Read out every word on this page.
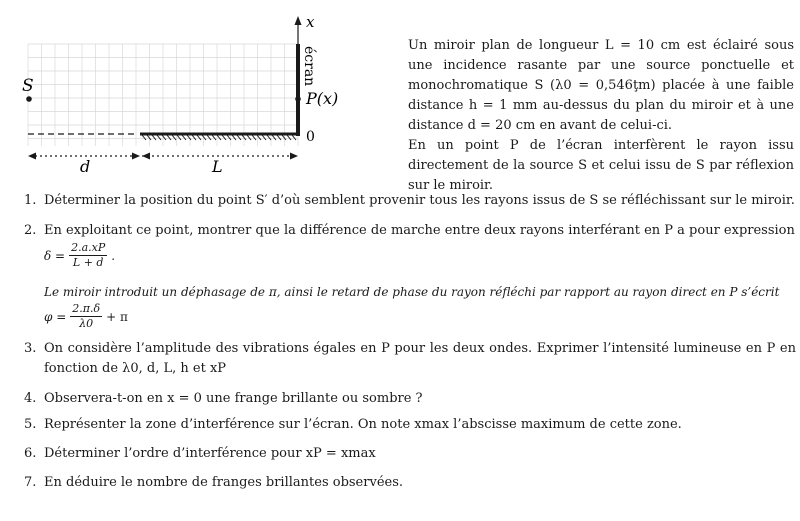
S
x
écran
P(x)
0
d	L

Un miroir plan de longueur L = 10 cm est éclairé sous une incidence rasante par une source ponctuelle et monochromatique S (λ0 = 0,546ţm) placée à une faible distance h = 1 mm au-dessus du plan du miroir et à une distance d = 20 cm en avant de celui-ci.

En un point P de l’écran interfèrent le rayon issu directement de la source S et celui issu de S par réflexion sur le miroir.

1. Déterminer la position du point S′ d’où semblent provenir tous les rayons issus de S se réfléchissant sur le miroir.

2. En exploitant ce point, montrer que la différence de marche entre deux rayons interférant en P a pour expression

$\delta = \frac{2.a.xP}{L + d}$ .

Le miroir introduit un déphasage de π, ainsi le retard de phase du rayon réfléchi par rapport au rayon direct en P s’écrit

$\varphi = \frac{2.\pi.\delta}{\lambda 0} + \pi$
3. On considère l’amplitude des vibrations égales en P pour les deux ondes. Exprimer l’intensité lumineuse en P en fonction de λ0, d, L, h et xP

4. Observera-t-on en x = 0 une frange brillante ou sombre ?

5. Représenter la zone d’interférence sur l’écran. On note xmax l’abscisse maximum de cette zone.

6. Déterminer l’ordre d’interférence pour xP = xmax

7. En déduire le nombre de franges brillantes observées.
